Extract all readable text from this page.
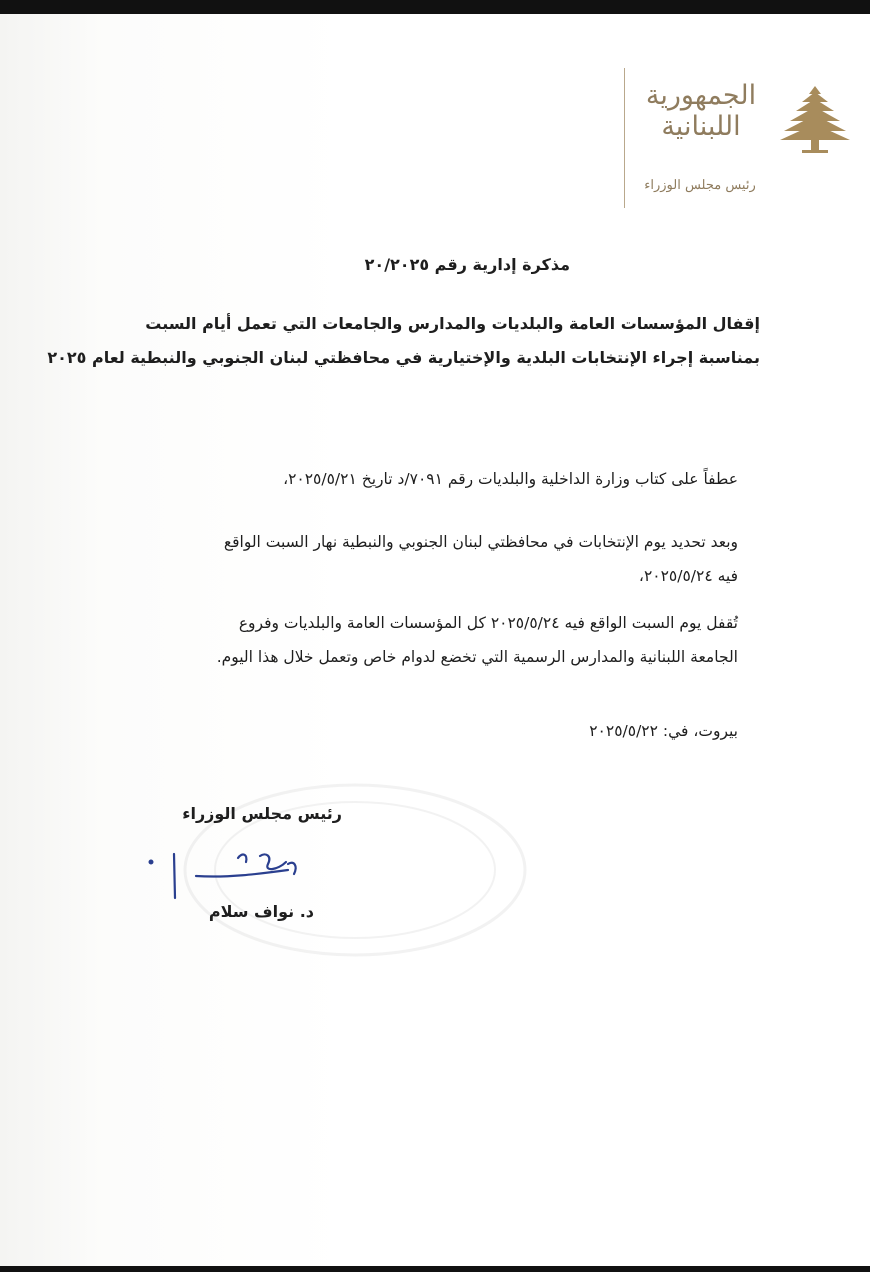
الجمهورية
اللبنانية
رئيس مجلس الوزراء
مذكرة إدارية رقم ٢٠/٢٠٢٥
إقفال المؤسسات العامة والبلديات والمدارس والجامعات التي تعمل أيام السبت
بمناسبة إجراء الإنتخابات البلدية والإختيارية في محافظتي لبنان الجنوبي والنبطية لعام ٢٠٢٥
عطفاً على كتاب وزارة الداخلية والبلديات رقم ٧٠٩١/د تاريخ ٢٠٢٥/٥/٢١،
وبعد تحديد يوم الإنتخابات في محافظتي لبنان الجنوبي والنبطية نهار السبت الواقع
فيه ٢٠٢٥/٥/٢٤،
تُقفل يوم السبت الواقع فيه ٢٠٢٥/٥/٢٤ كل المؤسسات العامة والبلديات وفروع
الجامعة اللبنانية والمدارس الرسمية التي تخضع لدوام خاص وتعمل خلال هذا اليوم.
بيروت، في: ٢٠٢٥/٥/٢٢
رئيس مجلس الوزراء
د. نواف سلام
